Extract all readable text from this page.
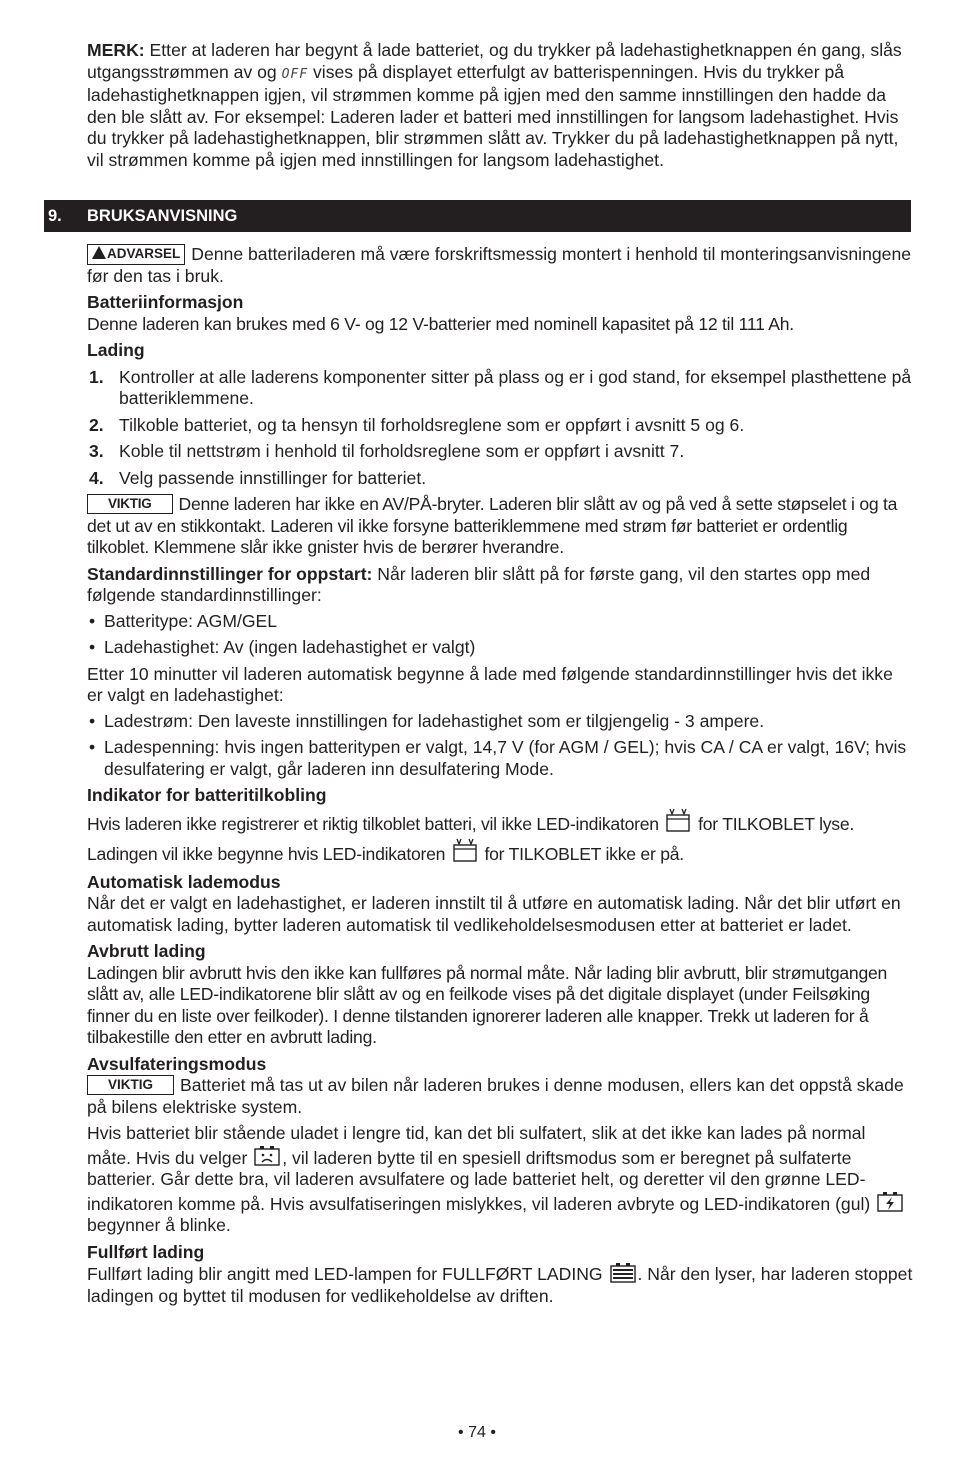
MERK: Etter at laderen har begynt å lade batteriet, og du trykker på ladehastighetknappen én gang, slås utgangsstrømmen av og OFF vises på displayet etterfulgt av batterispenningen. Hvis du trykker på ladehastighetknappen igjen, vil strømmen komme på igjen med den samme innstillingen den hadde da den ble slått av. For eksempel: Laderen lader et batteri med innstillingen for langsom ladehastighet. Hvis du trykker på ladehastighetknappen, blir strømmen slått av. Trykker du på ladehastighetknappen på nytt, vil strømmen komme på igjen med innstillingen for langsom ladehastighet.

9. BRUKSANVISNING

ADVARSEL Denne batteriladeren må være forskriftsmessig montert i henhold til monteringsanvisningene før den tas i bruk.

Batteriinformasjon

Denne laderen kan brukes med 6 V- og 12 V-batterier med nominell kapasitet på 12 til 111 Ah.

Lading

1. Kontroller at alle laderens komponenter sitter på plass og er i god stand, for eksempel plasthettene på batteriklemmene.
2. Tilkoble batteriet, og ta hensyn til forholdsreglene som er oppført i avsnitt 5 og 6.
3. Koble til nettstrøm i henhold til forholdsreglene som er oppført i avsnitt 7.
4. Velg passende innstillinger for batteriet.

VIKTIG Denne laderen har ikke en AV/PÅ-bryter. Laderen blir slått av og på ved å sette støpselet i og ta det ut av en stikkontakt. Laderen vil ikke forsyne batteriklemmene med strøm før batteriet er ordentlig tilkoblet. Klemmene slår ikke gnister hvis de berører hverandre.

Standardinnstillinger for oppstart: Når laderen blir slått på for første gang, vil den startes opp med følgende standardinnstillinger:

• Batteritype: AGM/GEL
• Ladehastighet: Av (ingen ladehastighet er valgt)

Etter 10 minutter vil laderen automatisk begynne å lade med følgende standardinnstillinger hvis det ikke er valgt en ladehastighet:

• Ladestrøm: Den laveste innstillingen for ladehastighet som er tilgjengelig - 3 ampere.
• Ladespenning: hvis ingen batteritypen er valgt, 14,7 V (for AGM / GEL); hvis CA / CA er valgt, 16V; hvis desulfatering er valgt, går laderen inn desulfatering Mode.

Indikator for batteritilkobling

Hvis laderen ikke registrerer et riktig tilkoblet batteri, vil ikke LED-indikatoren  for TILKOBLET lyse. Ladingen vil ikke begynne hvis LED-indikatoren  for TILKOBLET ikke er på.

Automatisk lademodus

Når det er valgt en ladehastighet, er laderen innstilt til å utføre en automatisk lading. Når det blir utført en automatisk lading, bytter laderen automatisk til vedlikeholdelsesmodusen etter at batteriet er ladet.

Avbrutt lading

Ladingen blir avbrutt hvis den ikke kan fullføres på normal måte. Når lading blir avbrutt, blir strømutgangen slått av, alle LED-indikatorene blir slått av og en feilkode vises på det digitale displayet (under Feilsøking finner du en liste over feilkoder). I denne tilstanden ignorerer laderen alle knapper. Trekk ut laderen for å tilbakestille den etter en avbrutt lading.

Avsulfateringsmodus

VIKTIG Batteriet må tas ut av bilen når laderen brukes i denne modusen, ellers kan det oppstå skade på bilens elektriske system.

Hvis batteriet blir stående uladet i lengre tid, kan det bli sulfatert, slik at det ikke kan lades på normal måte. Hvis du velger , vil laderen bytte til en spesiell driftsmodus som er beregnet på sulfaterte batterier. Går dette bra, vil laderen avsulfatere og lade batteriet helt, og deretter vil den grønne LED-indikatoren komme på. Hvis avsulfatiseringen mislykkes, vil laderen avbryte og LED-indikatoren (gul)  begynner å blinke.

Fullført lading

Fullført lading blir angitt med LED-lampen for FULLFØRT LADING . Når den lyser, har laderen stoppet ladingen og byttet til modusen for vedlikeholdelse av driften.

• 74 •
